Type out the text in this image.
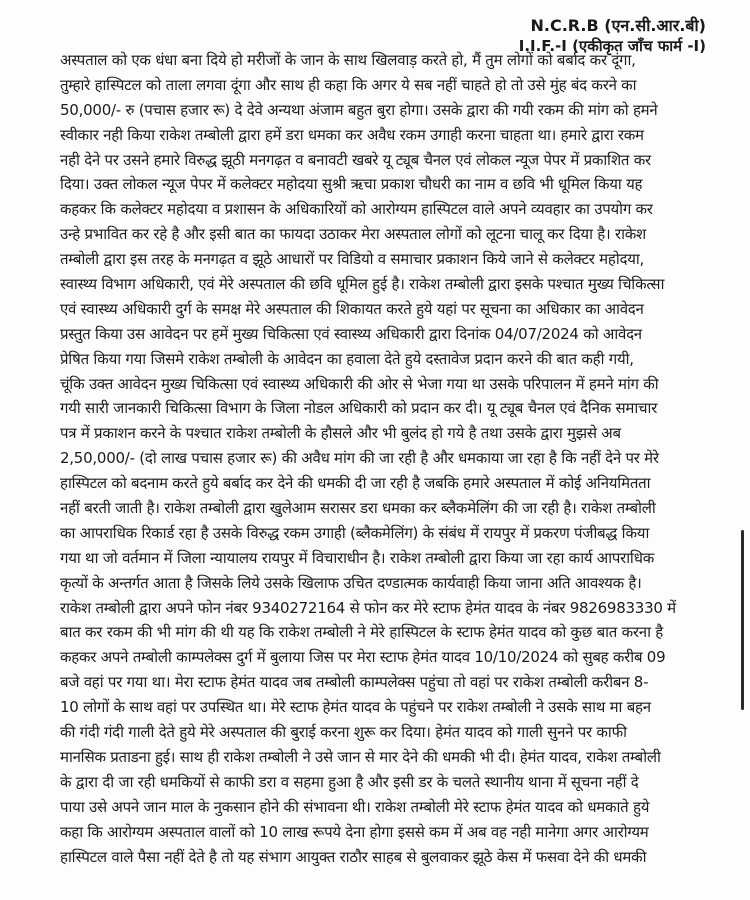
N.C.R.B (एन.सी.आर.बी)
I.I.F.-I (एकीकृत जाँच फार्म -I)
अस्पताल को एक धंधा बना दिये हो मरीजों के जान के साथ खिलवाड़ करते हो, मैं तुम लोगों को बर्बाद कर दूंगा,
तुम्हारे हास्पिटल को ताला लगवा दूंगा और साथ ही कहा कि अगर ये सब नहीं चाहते हो तो उसे मुंह बंद करने का
50,000/- रु (पचास हजार रू) दे देवे अन्यथा अंजाम बहुत बुरा होगा। उसके द्वारा की गयी रकम की मांग को हमने
स्वीकार नही किया राकेश तम्बोली द्वारा हमें डरा धमका कर अवैध रकम उगाही करना चाहता था। हमारे द्वारा रकम
नही देने पर उसने हमारे विरुद्ध झूठी मनगढ़त व बनावटी खबरे यू ट्यूब चैनल एवं लोकल न्यूज पेपर में प्रकाशित कर
दिया। उक्त लोकल न्यूज पेपर में कलेक्टर महोदया सुश्री ऋचा प्रकाश चौधरी का नाम व छवि भी धूमिल किया यह
कहकर कि कलेक्टर महोदया व प्रशासन के अधिकारियों को आरोग्यम हास्पिटल वाले अपने व्यवहार का उपयोग कर
उन्हे प्रभावित कर रहे है और इसी बात का फायदा उठाकर मेरा अस्पताल लोगों को लूटना चालू कर दिया है। राकेश
तम्बोली द्वारा इस तरह के मनगढ़त व झूठे आधारों पर विडियो व समाचार प्रकाशन किये जाने से कलेक्टर महोदया,
स्वास्थ्य विभाग अधिकारी, एवं मेरे अस्पताल की छवि धूमिल हुई है। राकेश तम्बोली द्वारा इसके पश्चात मुख्य चिकित्सा
एवं स्वास्थ्य अधिकारी दुर्ग के समक्ष मेरे अस्पताल की शिकायत करते हुये यहां पर सूचना का अधिकार का आवेदन
प्रस्तुत किया उस आवेदन पर हमें मुख्य चिकित्सा एवं स्वास्थ्य अधिकारी द्वारा दिनांक 04/07/2024 को आवेदन
प्रेषित किया गया जिसमे राकेश तम्बोली के आवेदन का हवाला देते हुये दस्तावेज प्रदान करने की बात कही गयी,
चूंकि उक्त आवेदन मुख्य चिकित्सा एवं स्वास्थ्य अधिकारी की ओर से भेजा गया था उसके परिपालन में हमने मांग की
गयी सारी जानकारी चिकित्सा विभाग के जिला नोडल अधिकारी को प्रदान कर दी। यू ट्यूब चैनल एवं दैनिक समाचार
पत्र में प्रकाशन करने के पश्चात राकेश तम्बोली के हौसले और भी बुलंद हो गये है तथा उसके द्वारा मुझसे अब
2,50,000/- (दो लाख पचास हजार रू) की अवैध मांग की जा रही है और धमकाया जा रहा है कि नहीं देने पर मेरे
हास्पिटल को बदनाम करते हुये बर्बाद कर देने की धमकी दी जा रही है जबकि हमारे अस्पताल में कोई अनियमितता
नहीं बरती जाती है। राकेश तम्बोली द्वारा खुलेआम सरासर डरा धमका कर ब्लैकमेलिंग की जा रही है। राकेश तम्बोली
का आपराधिक रिकार्ड रहा है उसके विरुद्ध रकम उगाही (ब्लैकमेलिंग) के संबंध में रायपुर में प्रकरण पंजीबद्ध किया
गया था जो वर्तमान में जिला न्यायालय रायपुर में विचाराधीन है। राकेश तम्बोली द्वारा किया जा रहा कार्य आपराधिक
कृत्यों के अन्तर्गत आता है जिसके लिये उसके खिलाफ उचित दण्डात्मक कार्यवाही किया जाना अति आवश्यक है।
राकेश तम्बोली द्वारा अपने फोन नंबर 9340272164 से फोन कर मेरे स्टाफ हेमंत यादव के नंबर 9826983330 में
बात कर रकम की भी मांग की थी यह कि राकेश तम्बोली ने मेरे हास्पिटल के स्टाफ हेमंत यादव को कुछ बात करना है
कहकर अपने तम्बोली काम्पलेक्स दुर्ग में बुलाया जिस पर मेरा स्टाफ हेमंत यादव 10/10/2024 को सुबह करीब 09
बजे वहां पर गया था। मेरा स्टाफ हेमंत यादव जब तम्बोली काम्पलेक्स पहुंचा तो वहां पर राकेश तम्बोली करीबन 8-
10 लोगों के साथ वहां पर उपस्थित था। मेरे स्टाफ हेमंत यादव के पहुंचने पर राकेश तम्बोली ने उसके साथ मा बहन
की गंदी गंदी गाली देते हुये मेरे अस्पताल की बुराई करना शुरू कर दिया। हेमंत यादव को गाली सुनने पर काफी
मानसिक प्रताडना हुई। साथ ही राकेश तम्बोली ने उसे जान से मार देने की धमकी भी दी। हेमंत यादव, राकेश तम्बोली
के द्वारा दी जा रही धमकियों से काफी डरा व सहमा हुआ है और इसी डर के चलते स्थानीय थाना में सूचना नहीं दे
पाया उसे अपने जान माल के नुकसान होने की संभावना थी। राकेश तम्बोली मेरे स्टाफ हेमंत यादव को धमकाते हुये
कहा कि आरोग्यम अस्पताल वालों को 10 लाख रूपये देना होगा इससे कम में अब वह नही मानेगा अगर आरोग्यम
हास्पिटल वाले पैसा नहीं देते है तो यह संभाग आयुक्त राठौर साहब से बुलवाकर झूठे केस में फसवा देने की धमकी
